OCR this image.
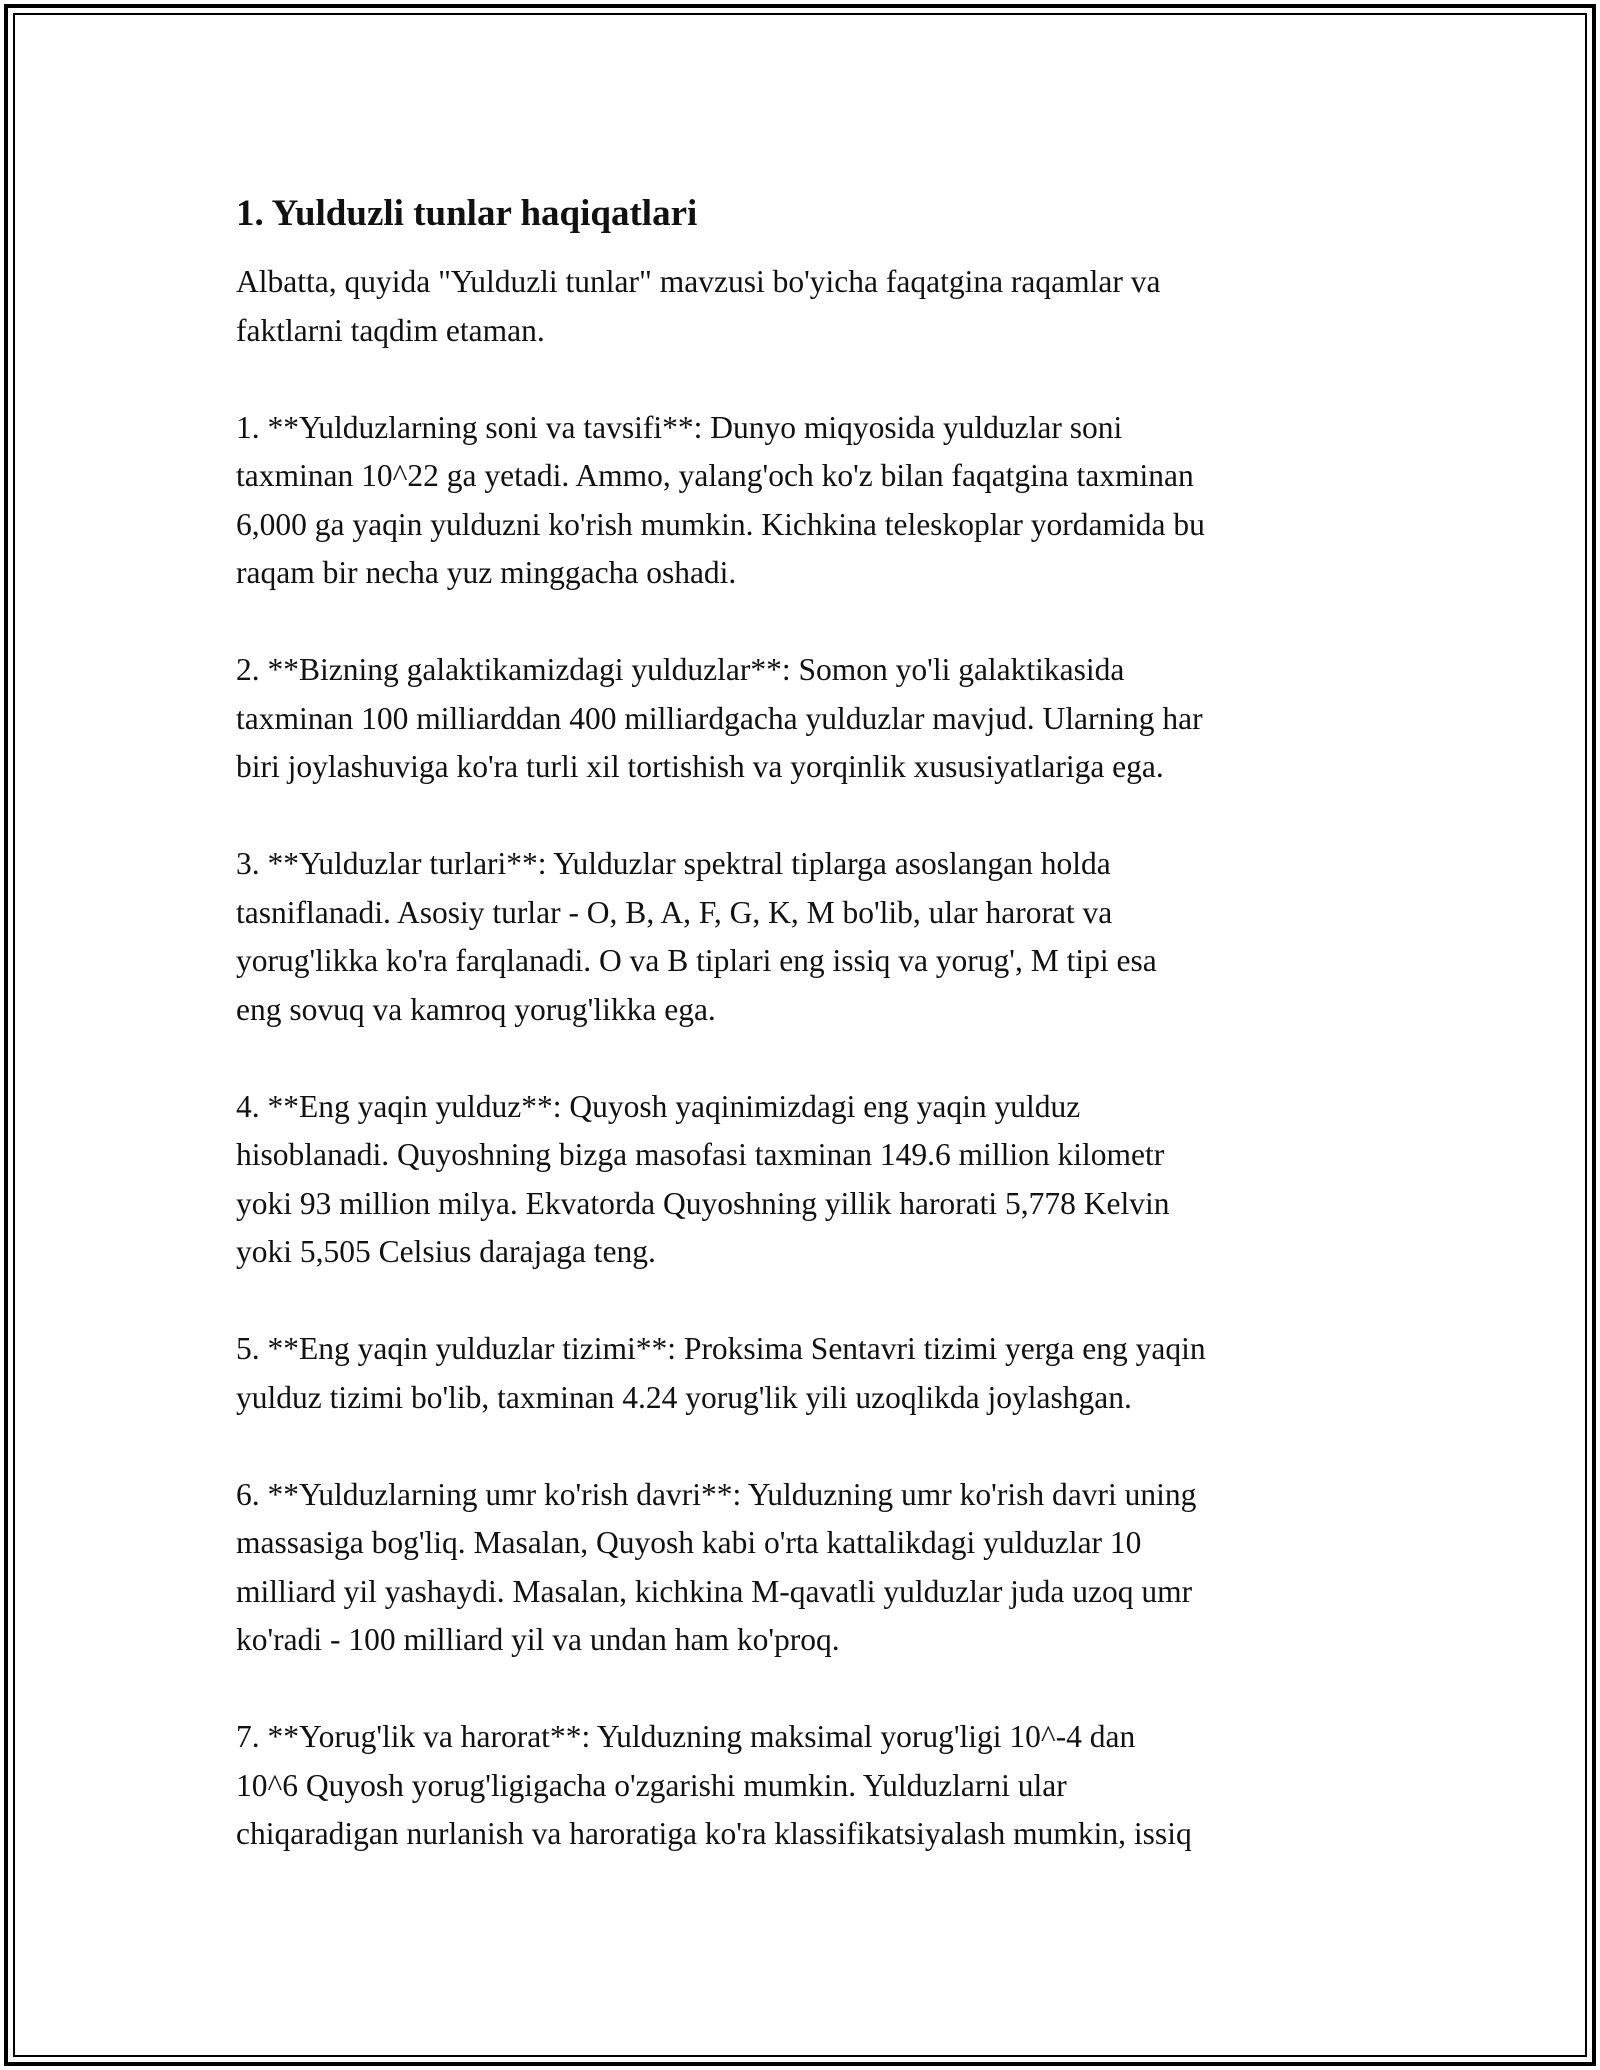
1. Yulduzli tunlar haqiqatlari
Albatta, quyida "Yulduzli tunlar" mavzusi bo'yicha faqatgina raqamlar va
faktlarni taqdim etaman.
1. **Yulduzlarning soni va tavsifi**: Dunyo miqyosida yulduzlar soni
taxminan 10^22 ga yetadi. Ammo, yalang'och ko'z bilan faqatgina taxminan
6,000 ga yaqin yulduzni ko'rish mumkin. Kichkina teleskoplar yordamida bu
raqam bir necha yuz minggacha oshadi.
2. **Bizning galaktikamizdagi yulduzlar**: Somon yo'li galaktikasida
taxminan 100 milliarddan 400 milliardgacha yulduzlar mavjud. Ularning har
biri joylashuviga ko'ra turli xil tortishish va yorqinlik xususiyatlariga ega.
3. **Yulduzlar turlari**: Yulduzlar spektral tiplarga asoslangan holda
tasniflanadi. Asosiy turlar - O, B, A, F, G, K, M bo'lib, ular harorat va
yorug'likka ko'ra farqlanadi. O va B tiplari eng issiq va yorug', M tipi esa
eng sovuq va kamroq yorug'likka ega.
4. **Eng yaqin yulduz**: Quyosh yaqinimizdagi eng yaqin yulduz
hisoblanadi. Quyoshning bizga masofasi taxminan 149.6 million kilometr
yoki 93 million milya. Ekvatorda Quyoshning yillik harorati 5,778 Kelvin
yoki 5,505 Celsius darajaga teng.
5. **Eng yaqin yulduzlar tizimi**: Proksima Sentavri tizimi yerga eng yaqin
yulduz tizimi bo'lib, taxminan 4.24 yorug'lik yili uzoqlikda joylashgan.
6. **Yulduzlarning umr ko'rish davri**: Yulduzning umr ko'rish davri uning
massasiga bog'liq. Masalan, Quyosh kabi o'rta kattalikdagi yulduzlar 10
milliard yil yashaydi. Masalan, kichkina M-qavatli yulduzlar juda uzoq umr
ko'radi - 100 milliard yil va undan ham ko'proq.
7. **Yorug'lik va harorat**: Yulduzning maksimal yorug'ligi 10^-4 dan
10^6 Quyosh yorug'ligigacha o'zgarishi mumkin. Yulduzlarni ular
chiqaradigan nurlanish va haroratiga ko'ra klassifikatsiyalash mumkin, issiq
